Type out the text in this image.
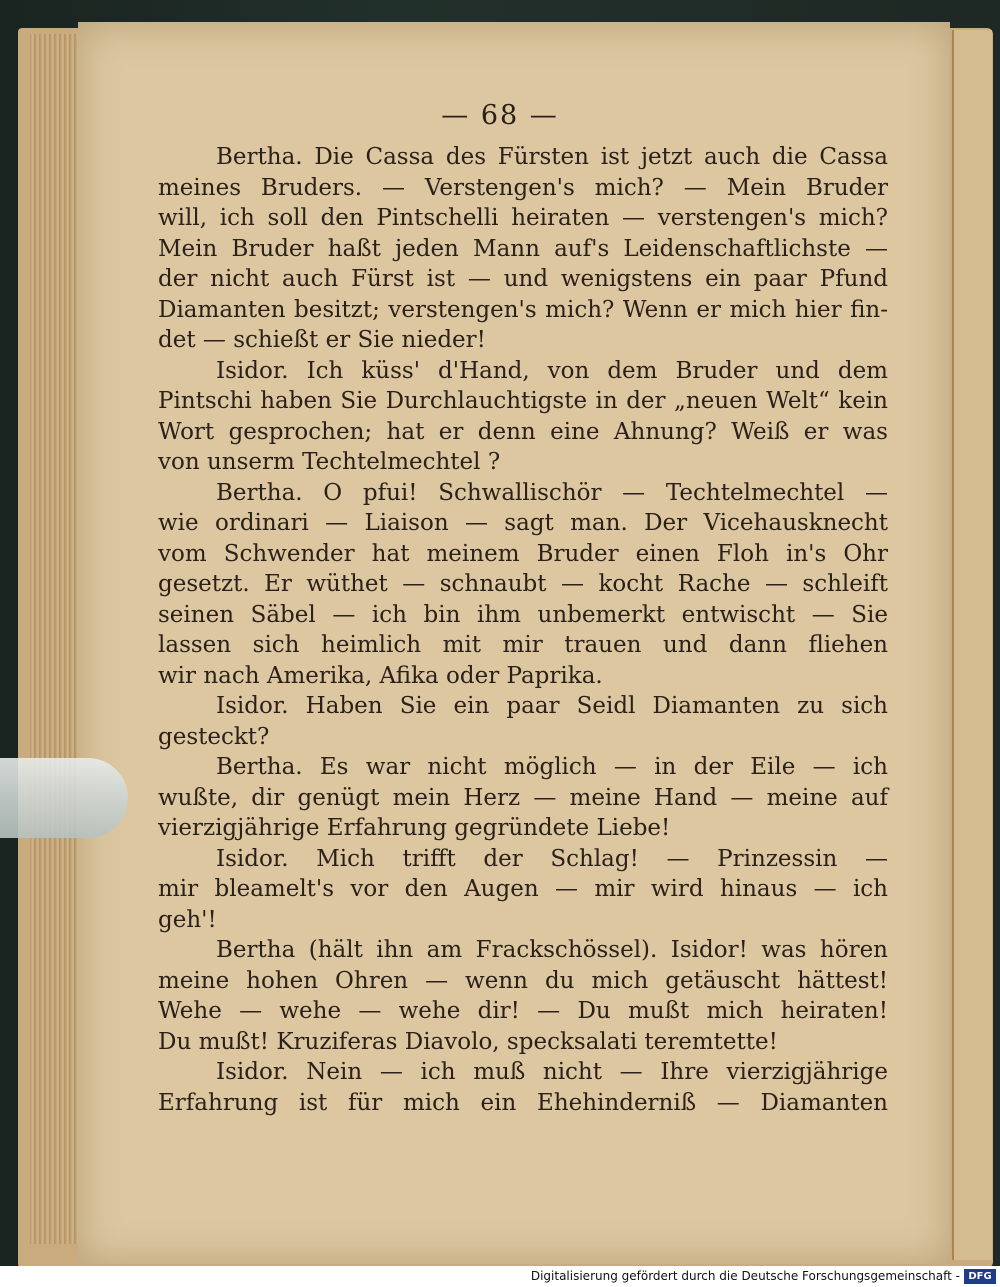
— 68 —
Bertha. Die Cassa des Fürsten ist jetzt auch die Cassa
meines Bruders. — Verstengen's mich? — Mein Bruder
will, ich soll den Pintschelli heiraten — verstengen's mich?
Mein Bruder haßt jeden Mann auf's Leidenschaftlichste —
der nicht auch Fürst ist — und wenigstens ein paar Pfund
Diamanten besitzt; verstengen's mich? Wenn er mich hier fin-
det — schießt er Sie nieder!
Isidor. Ich küss' d'Hand, von dem Bruder und dem
Pintschi haben Sie Durchlauchtigste in der „neuen Welt“ kein
Wort gesprochen; hat er denn eine Ahnung? Weiß er was
von unserm Techtelmechtel ?
Bertha. O pfui! Schwallischör — Techtelmechtel —
wie ordinari — Liaison — sagt man. Der Vicehausknecht
vom Schwender hat meinem Bruder einen Floh in's Ohr
gesetzt. Er wüthet — schnaubt — kocht Rache — schleift
seinen Säbel — ich bin ihm unbemerkt entwischt — Sie
lassen sich heimlich mit mir trauen und dann fliehen
wir nach Amerika, Afika oder Paprika.
Isidor. Haben Sie ein paar Seidl Diamanten zu sich
gesteckt?
Bertha. Es war nicht möglich — in der Eile — ich
wußte, dir genügt mein Herz — meine Hand — meine auf
vierzigjährige Erfahrung gegründete Liebe!
Isidor. Mich trifft der Schlag! — Prinzessin —
mir bleamelt's vor den Augen — mir wird hinaus — ich
geh'!
Bertha (hält ihn am Frackschössel). Isidor! was hören
meine hohen Ohren — wenn du mich getäuscht hättest!
Wehe — wehe — wehe dir! — Du mußt mich heiraten!
Du mußt! Kruziferas Diavolo, specksalati teremtette!
Isidor. Nein — ich muß nicht — Ihre vierzigjährige
Erfahrung ist für mich ein Ehehinderniß — Diamanten
Digitalisierung gefördert durch die Deutsche Forschungsgemeinschaft - DFG
